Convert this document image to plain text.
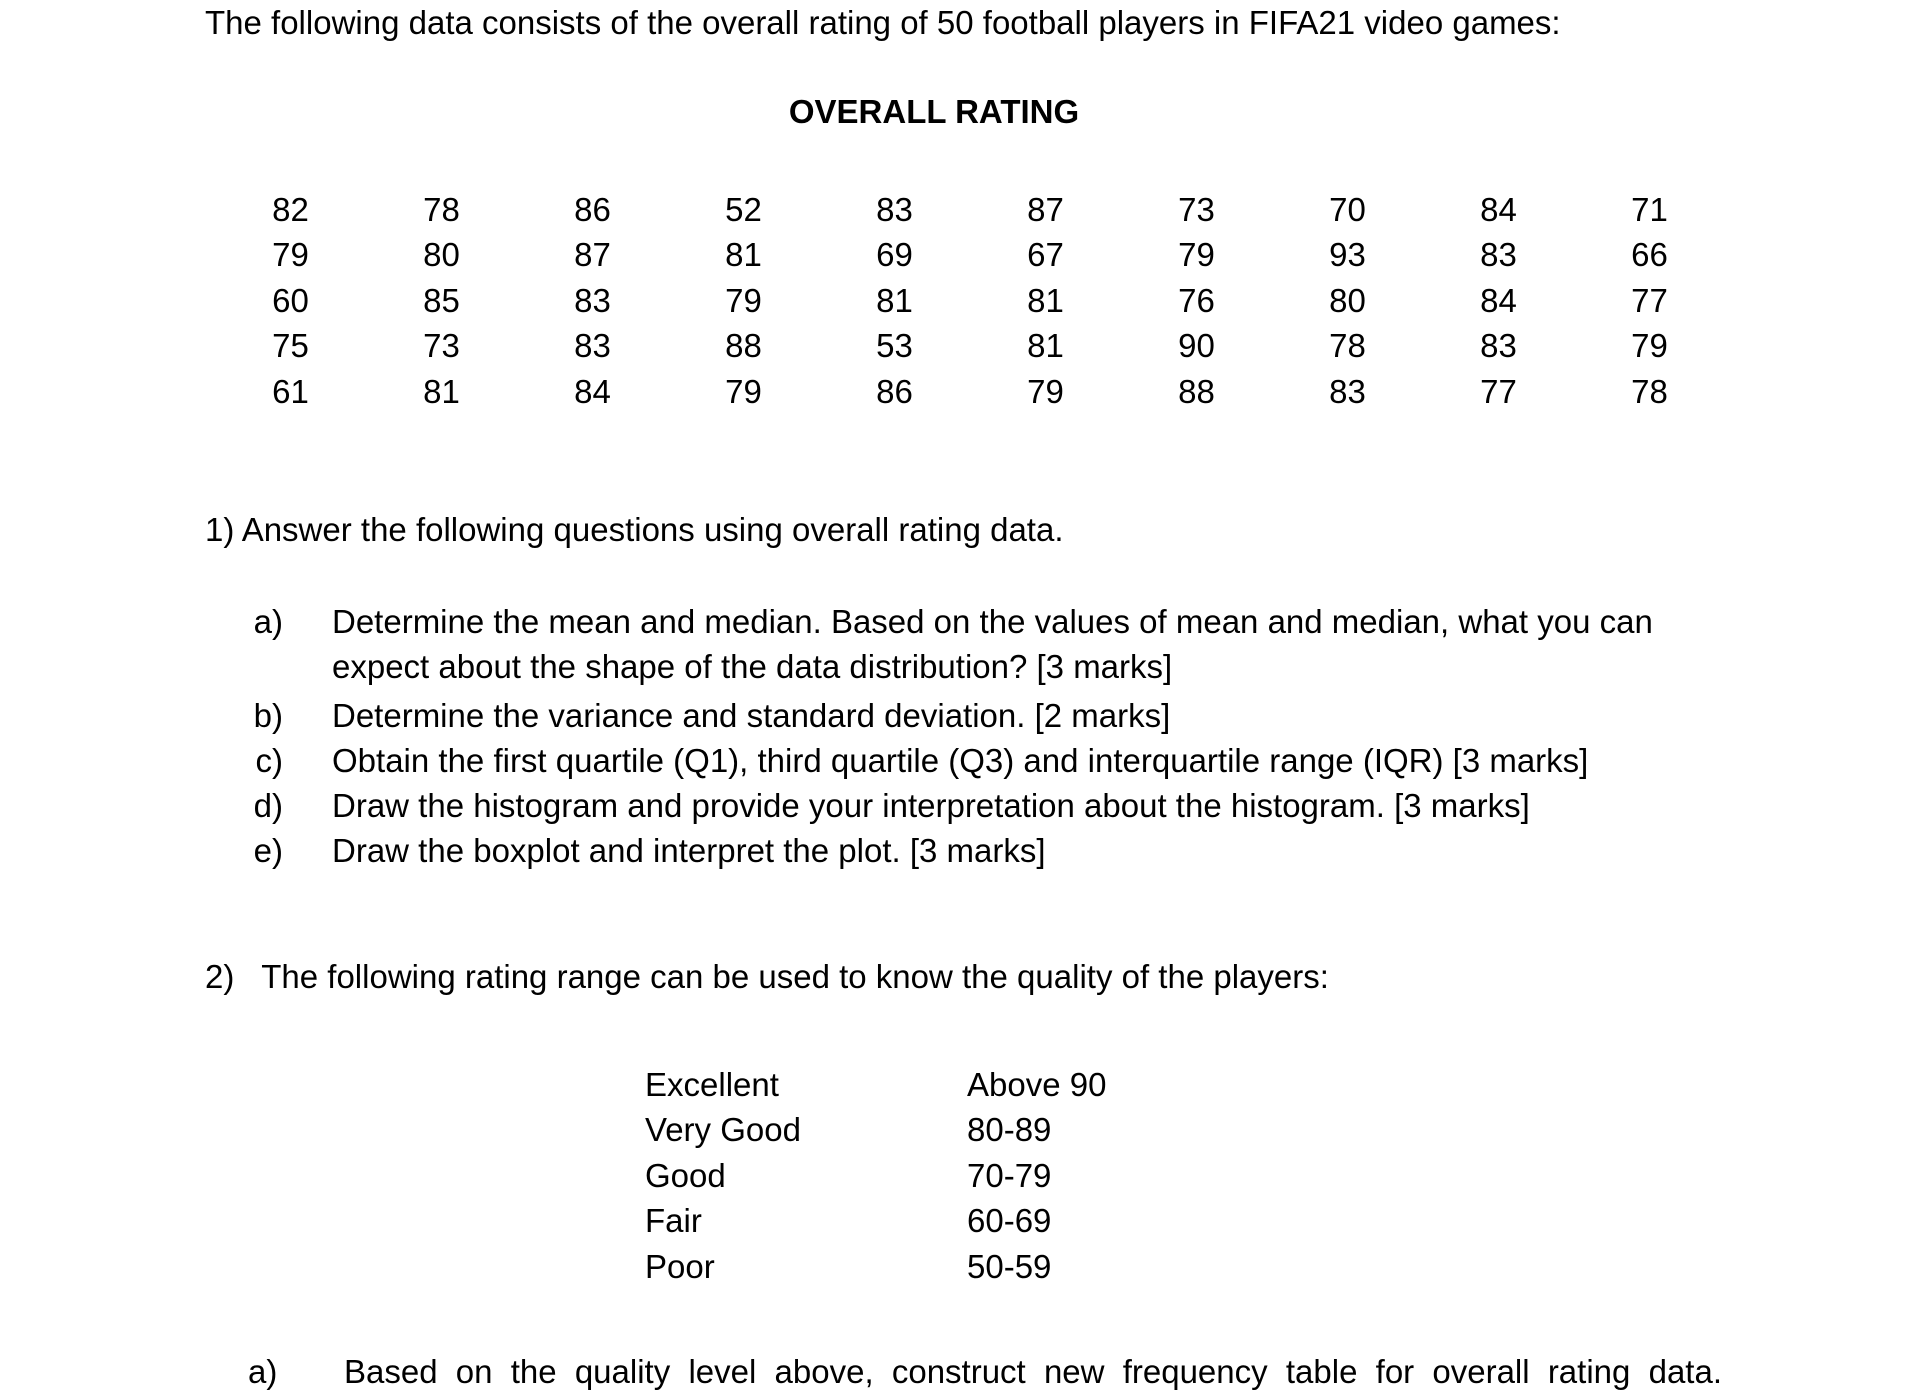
The following data consists of the overall rating of 50 football players in FIFA21 video games:
OVERALL RATING
82	78	86	52	83	87	73	70	84	71
79	80	87	81	69	67	79	93	83	66
60	85	83	79	81	81	76	80	84	77
75	73	83	88	53	81	90	78	83	79
61	81	84	79	86	79	88	83	77	78
1) Answer the following questions using overall rating data.
a) Determine the mean and median. Based on the values of mean and median, what you can
expect about the shape of the data distribution? [3 marks]
b) Determine the variance and standard deviation. [2 marks]
c) Obtain the first quartile (Q1), third quartile (Q3) and interquartile range (IQR) [3 marks]
d) Draw the histogram and provide your interpretation about the histogram. [3 marks]
e) Draw the boxplot and interpret the plot. [3 marks]
2)   The following rating range can be used to know the quality of the players:
Excellent	Above 90
Very Good	80-89
Good	70-79
Fair	60-69
Poor	50-59
a) Based on the quality level above, construct new frequency table for overall rating data.
